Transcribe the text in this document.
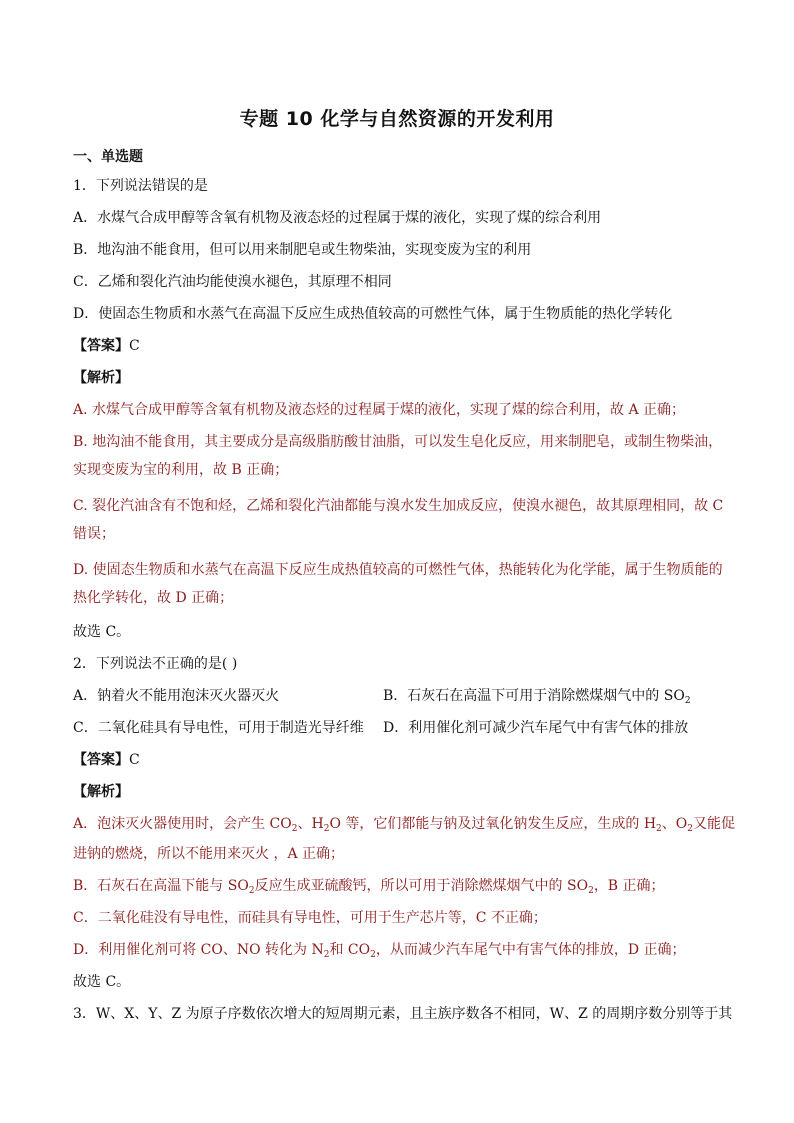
专题 10 化学与自然资源的开发利用
一、单选题
1．下列说法错误的是
A．水煤气合成甲醇等含氧有机物及液态烃的过程属于煤的液化，实现了煤的综合利用
B．地沟油不能食用，但可以用来制肥皂或生物柴油，实现变废为宝的利用
C．乙烯和裂化汽油均能使溴水褪色，其原理不相同
D．使固态生物质和水蒸气在高温下反应生成热值较高的可燃性气体，属于生物质能的热化学转化
【答案】C
【解析】
A. 水煤气合成甲醇等含氧有机物及液态烃的过程属于煤的液化，实现了煤的综合利用，故 A 正确；
B. 地沟油不能食用，其主要成分是高级脂肪酸甘油脂，可以发生皂化反应，用来制肥皂，或制生物柴油，
实现变废为宝的利用，故 B 正确；
C. 裂化汽油含有不饱和烃，乙烯和裂化汽油都能与溴水发生加成反应，使溴水褪色，故其原理相同，故 C
错误；
D. 使固态生物质和水蒸气在高温下反应生成热值较高的可燃性气体，热能转化为化学能，属于生物质能的
热化学转化，故 D 正确；
故选 C。
2．下列说法不正确的是( )
A．钠着火不能用泡沫灭火器灭火	B．石灰石在高温下可用于消除燃煤烟气中的 $SO_2$
C．二氧化硅具有导电性，可用于制造光导纤维 D．利用催化剂可减少汽车尾气中有害气体的排放
【答案】C
【解析】
A．泡沫灭火器使用时，会产生 $CO_2$、$H_2O$ 等，它们都能与钠及过氧化钠发生反应，生成的 $H_2$、$O_2$又能促
进钠的燃烧，所以不能用来灭火 ，A 正确；
B．石灰石在高温下能与 $SO_2$反应生成亚硫酸钙，所以可用于消除燃煤烟气中的 $SO_2$，B 正确；
C．二氧化硅没有导电性，而硅具有导电性，可用于生产芯片等，C 不正确；
D．利用催化剂可将 CO、NO 转化为 $N_2$和 $CO_2$，从而减少汽车尾气中有害气体的排放，D 正确；
故选 C。
3．W、X、Y、Z 为原子序数依次增大的短周期元素，且主族序数各不相同，W、Z 的周期序数分别等于其
